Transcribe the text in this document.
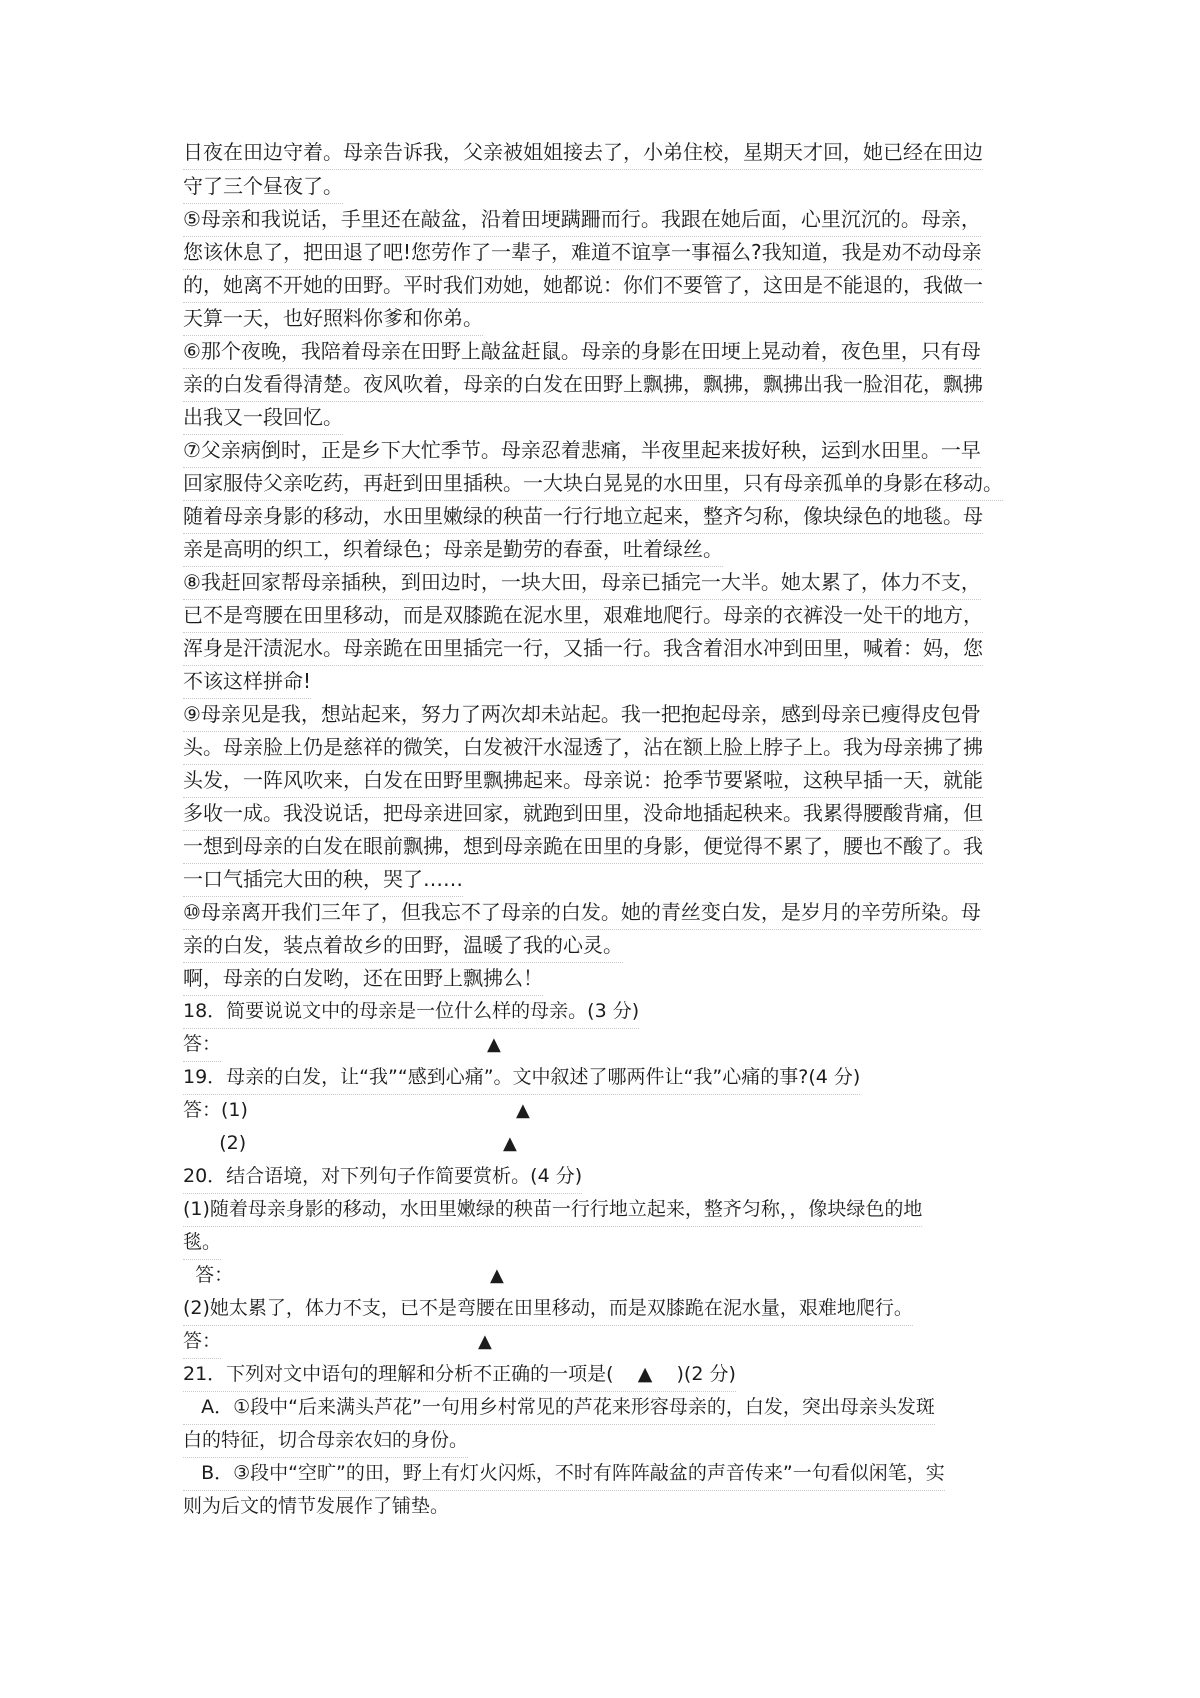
日夜在田边守着。母亲告诉我，父亲被姐姐接去了，小弟住校，星期天才回，她已经在田边
守了三个昼夜了。
⑤母亲和我说话，手里还在敲盆，沿着田埂蹒跚而行。我跟在她后面，心里沉沉的。母亲，
您该休息了，把田退了吧!您劳作了一辈子，难道不谊享一事福么?我知道，我是劝不动母亲
的，她离不开她的田野。平时我们劝她，她都说：你们不要管了，这田是不能退的，我做一
天算一天，也好照料你爹和你弟。
⑥那个夜晚，我陪着母亲在田野上敲盆赶鼠。母亲的身影在田埂上晃动着，夜色里，只有母
亲的白发看得清楚。夜风吹着，母亲的白发在田野上飘拂，飘拂，飘拂出我一脸泪花，飘拂
出我又一段回忆。
⑦父亲病倒时，正是乡下大忙季节。母亲忍着悲痛，半夜里起来拔好秧，运到水田里。一早
回家服侍父亲吃药，再赶到田里插秧。一大块白晃晃的水田里，只有母亲孤单的身影在移动。
随着母亲身影的移动，水田里嫩绿的秧苗一行行地立起来，整齐匀称，像块绿色的地毯。母
亲是高明的织工，织着绿色；母亲是勤劳的春蚕，吐着绿丝。
⑧我赶回家帮母亲插秧，到田边时，一块大田，母亲已插完一大半。她太累了，体力不支，
已不是弯腰在田里移动，而是双膝跪在泥水里，艰难地爬行。母亲的衣裤没一处干的地方，
浑身是汗渍泥水。母亲跪在田里插完一行，又插一行。我含着泪水冲到田里，喊着：妈，您
不该这样拼命!
⑨母亲见是我，想站起来，努力了两次却未站起。我一把抱起母亲，感到母亲已瘦得皮包骨
头。母亲脸上仍是慈祥的微笑，白发被汗水湿透了，沾在额上脸上脖子上。我为母亲拂了拂
头发，一阵风吹来，白发在田野里飘拂起来。母亲说：抢季节要紧啦，这秧早插一天，就能
多收一成。我没说话，把母亲进回家，就跑到田里，没命地插起秧来。我累得腰酸背痛，但
一想到母亲的白发在眼前飘拂，想到母亲跪在田里的身影，便觉得不累了，腰也不酸了。我
一口气插完大田的秧，哭了……
⑩母亲离开我们三年了，但我忘不了母亲的白发。她的青丝变白发，是岁月的辛劳所染。母
亲的白发，装点着故乡的田野，温暖了我的心灵。
啊，母亲的白发哟，还在田野上飘拂么！
18．简要说说文中的母亲是一位什么样的母亲。(3 分)
答：	▲
19．母亲的白发，让“我”“感到心痛”。文中叙述了哪两件让“我”心痛的事?(4 分)
答：(1)	▲
(2)	▲
20．结合语境，对下列句子作简要赏析。(4 分)
(1)随着母亲身影的移动，水田里嫩绿的秧苗一行行地立起来，整齐匀称，，像块绿色的地
毯。
答：	▲
(2)她太累了，体力不支，已不是弯腰在田里移动，而是双膝跪在泥水量，艰难地爬行。
答：	▲
21．下列对文中语句的理解和分析不正确的一项是(    ▲    )(2 分)
A．①段中“后来满头芦花”一句用乡村常见的芦花来形容母亲的，白发，突出母亲头发斑
白的特征，切合母亲农妇的身份。
B．③段中“空旷”的田，野上有灯火闪烁，不时有阵阵敲盆的声音传来”一句看似闲笔，实
则为后文的情节发展作了铺垫。
